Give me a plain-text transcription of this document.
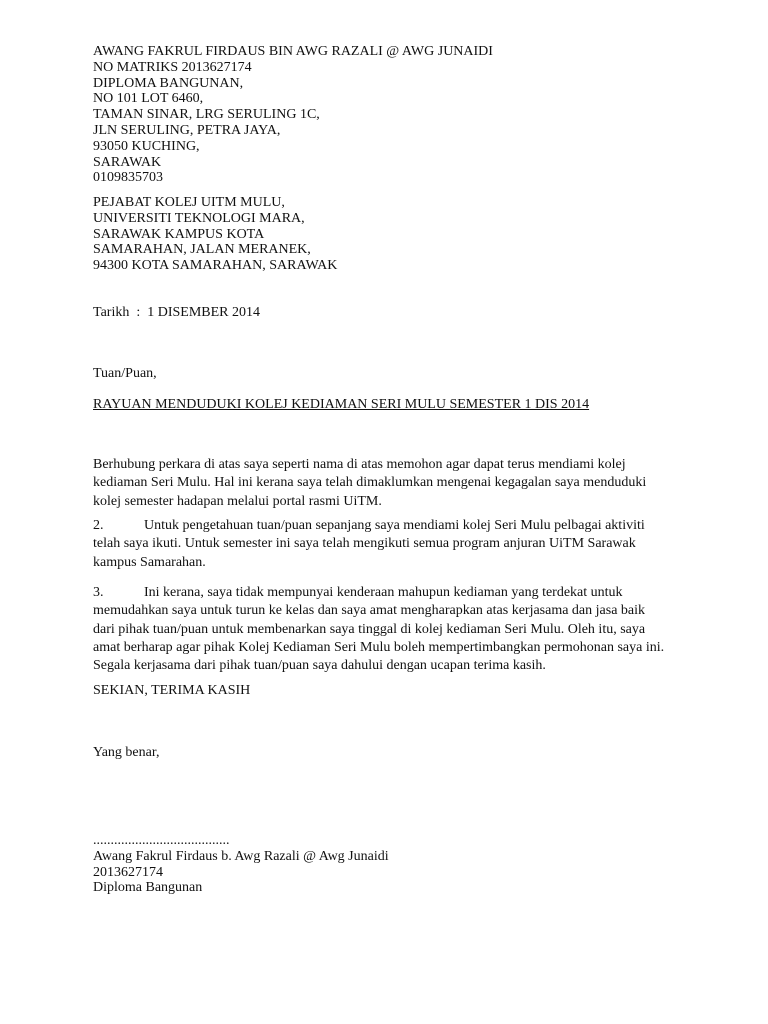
AWANG FAKRUL FIRDAUS BIN AWG RAZALI @ AWG JUNAIDI
NO MATRIKS 2013627174
DIPLOMA BANGUNAN,
NO 101 LOT 6460,
TAMAN SINAR, LRG SERULING 1C,
JLN SERULING, PETRA JAYA,
93050 KUCHING,
SARAWAK
0109835703
PEJABAT KOLEJ UITM MULU,
UNIVERSITI TEKNOLOGI MARA,
SARAWAK KAMPUS KOTA
SAMARAHAN, JALAN MERANEK,
94300 KOTA SAMARAHAN, SARAWAK
Tarikh  :  1 DISEMBER 2014
Tuan/Puan,
RAYUAN MENDUDUKI KOLEJ KEDIAMAN SERI MULU SEMESTER 1 DIS 2014
Berhubung perkara di atas saya seperti nama di atas memohon agar dapat terus mendiami kolej
kediaman Seri Mulu. Hal ini kerana saya telah dimaklumkan mengenai kegagalan saya menduduki
kolej semester hadapan melalui portal rasmi UiTM.
2.	Untuk pengetahuan tuan/puan sepanjang saya mendiami kolej Seri Mulu pelbagai aktiviti
telah saya ikuti. Untuk semester ini saya telah mengikuti semua program anjuran UiTM Sarawak
kampus Samarahan.
3.	Ini kerana, saya tidak mempunyai kenderaan mahupun kediaman yang terdekat untuk
memudahkan saya untuk turun ke kelas dan saya amat mengharapkan atas kerjasama dan jasa baik
dari pihak tuan/puan untuk membenarkan saya tinggal di kolej kediaman Seri Mulu. Oleh itu, saya
amat berharap agar pihak Kolej Kediaman Seri Mulu boleh mempertimbangkan permohonan saya ini.
Segala kerjasama dari pihak tuan/puan saya dahului dengan ucapan terima kasih.
SEKIAN, TERIMA KASIH
Yang benar,
.......................................
Awang Fakrul Firdaus b. Awg Razali @ Awg Junaidi
2013627174
Diploma Bangunan
